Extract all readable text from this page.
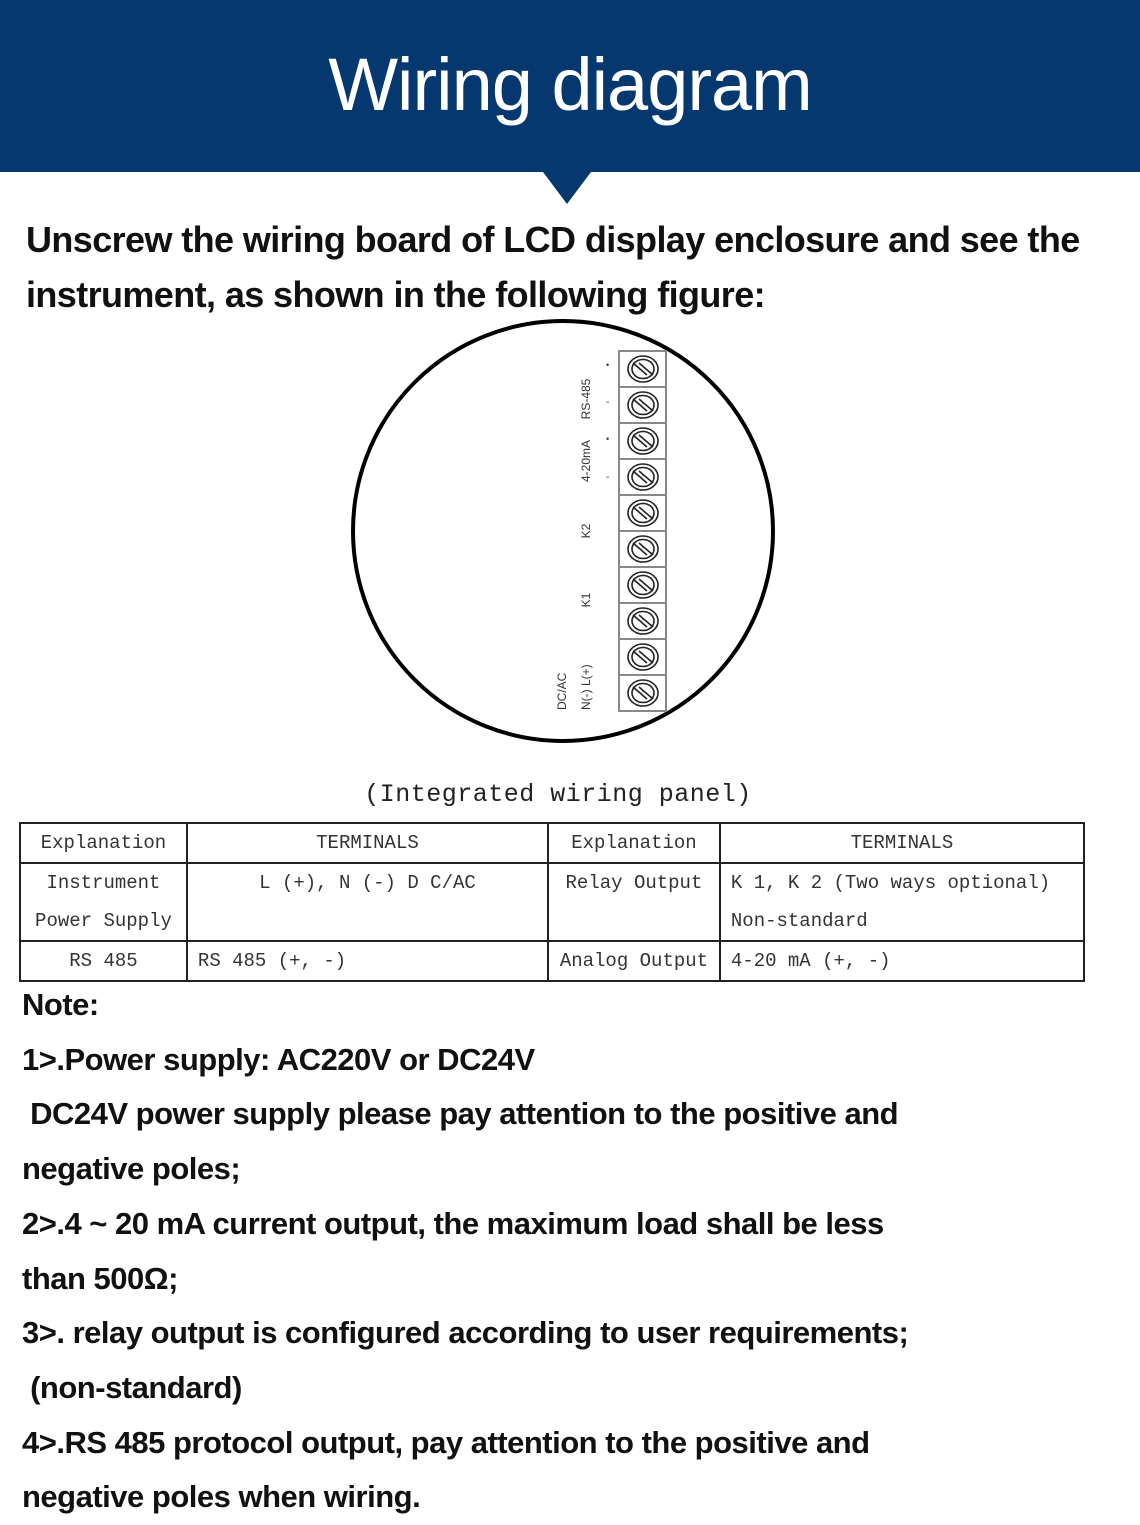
Wiring diagram
Unscrew the wiring board of LCD display enclosure and see the
instrument, as shown in the following figure:
RS-485
4-20mA
K2
K1
DC/AC N(-) L(+)
•
-
•
-
(Integrated wiring panel)
Explanation	TERMINALS	Explanation	TERMINALS

Instrument
Power Supply	L (+), N (-) D C/AC	Relay Output	K 1, K 2 (Two ways optional)
Non-standard

RS 485	RS 485 (+, -)	Analog Output	4-20 mA (+, -)
Note:
1>.Power supply: AC220V or DC24V
DC24V power supply please pay attention to the positive and
negative poles;
2>.4 ~ 20 mA current output, the maximum load shall be less
than 500Ω;
3>. relay output is configured according to user requirements;
(non-standard)
4>.RS 485 protocol output, pay attention to the positive and
negative poles when wiring.
